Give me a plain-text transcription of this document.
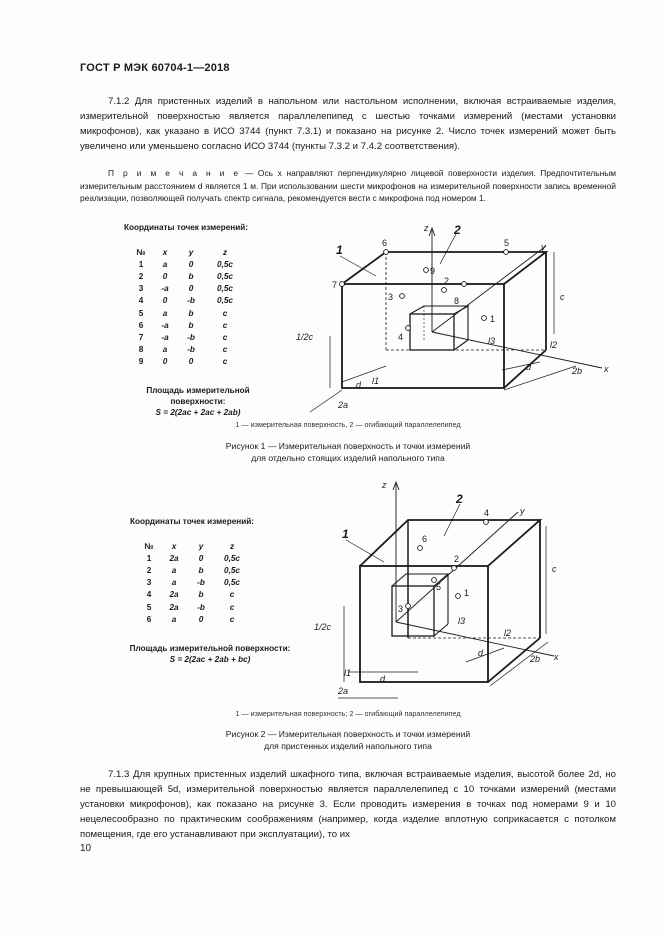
ГОСТ Р МЭК 60704-1—2018

7.1.2 Для пристенных изделий в напольном или настольном исполнении, включая встраиваемые изделия, измерительной поверхностью является параллелепипед с шестью точками измерений (местами установки микрофонов), как указано в ИСО 3744 (пункт 7.3.1) и показано на рисунке 2. Число точек измерений может быть увеличено или уменьшено согласно ИСО 3744 (пункты 7.3.2 и 7.4.2 соответствения).

П р и м е ч а н и е — Ось x направляют перпендикулярно лицевой поверхности изделия. Предпочтительным измерительным расстоянием d является 1 м. При использовании шести микрофонов на измерительной поверхности запись временной реализации, позволяющей получать спектр сигнала, рекомендуется вести с микрофона под номером 1.

Координаты точек измерений:
№	x	y	z
1	a	0	0,5c
2	0	b	0,5c
3	-a	0	0,5c
4	0	-b	0,5c
5	a	b	c
6	-a	b	c
7	-a	-b	c
8	a	-b	c
9	0	0	c
Площадь измерительной поверхности:
S = 2(2ac + 2ac + 2ab)
1
2
z
y
x
c
1/2c
2a
2b
d
d
l1
l2
l3
6	5
7
8
9
2
3
4
1
1 — измерительная поверхность, 2 — огибающий параллелепипед
Рисунок 1 — Измерительная поверхность и точки измерений
для отдельно стоящих изделий напольного типа
Координаты точек измерений:
№	x	y	z
1	2a	0	0,5c
2	a	b	0,5c
3	a	-b	0,5c
4	2a	b	c
5	2a	-b	c
6	a	0	c
Площадь измерительной поверхности:
S = 2(2ac + 2ab + bc)
1
2
z
y
x
c
1/2c
2a
2b
d
d
l1
l2
l3
4
6
2
5
1
3
1 — измерительная поверхность; 2 — огибающий параллелепипед
Рисунок 2 — Измерительная поверхность и точки измерений
для пристенных изделий напольного типа

7.1.3 Для крупных пристенных изделий шкафного типа, включая встраиваемые изделия, высотой более 2d, но не превышающей 5d, измерительной поверхностью является параллелепипед с 10 точками измерений (местами установки микрофонов), как показано на рисунке 3. Если проводить измерения в точках под номерами 9 и 10 нецелесообразно по практическим соображениям (например, когда изделие вплотную соприкасается с потолком помещения, где его устанавливают при эксплуатации), то их

10
